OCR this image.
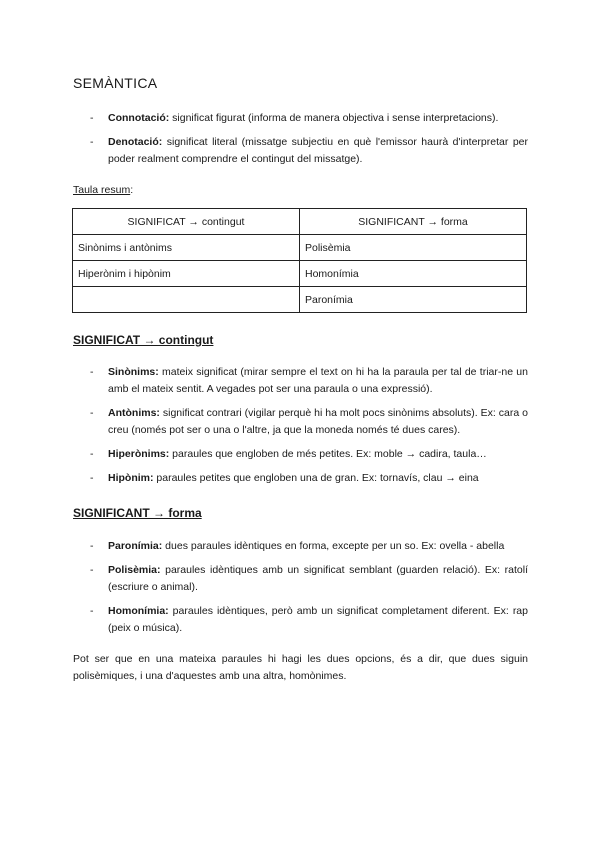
SEMÀNTICA
- Connotació: significat figurat (informa de manera objectiva i sense interpretacions).
- Denotació: significat literal (missatge subjectiu en què l'emissor haurà d'interpretar per poder realment comprendre el contingut del missatge).
Taula resum:
SIGNIFICAT → contingut	SIGNIFICANT → forma
Sinònims i antònims	Polisèmia
Hiperònim i hipònim	Homonímia
	Paronímia
SIGNIFICAT → contingut
- Sinònims: mateix significat (mirar sempre el text on hi ha la paraula per tal de triar-ne un amb el mateix sentit. A vegades pot ser una paraula o una expressió).
- Antònims: significat contrari (vigilar perquè hi ha molt pocs sinònims absoluts). Ex: cara o creu (només pot ser o una o l'altre, ja que la moneda només té dues cares).
- Hiperònims: paraules que engloben de més petites. Ex: moble → cadira, taula…
- Hipònim: paraules petites que engloben una de gran. Ex: tornavís, clau → eina
SIGNIFICANT → forma
- Paronímia: dues paraules idèntiques en forma, excepte per un so. Ex: ovella - abella
- Polisèmia: paraules idèntiques amb un significat semblant (guarden relació). Ex: ratolí (escriure o animal).
- Homonímia: paraules idèntiques, però amb un significat completament diferent. Ex: rap (peix o música).
Pot ser que en una mateixa paraules hi hagi les dues opcions, és a dir, que dues siguin polisèmiques, i una d'aquestes amb una altra, homònimes.
